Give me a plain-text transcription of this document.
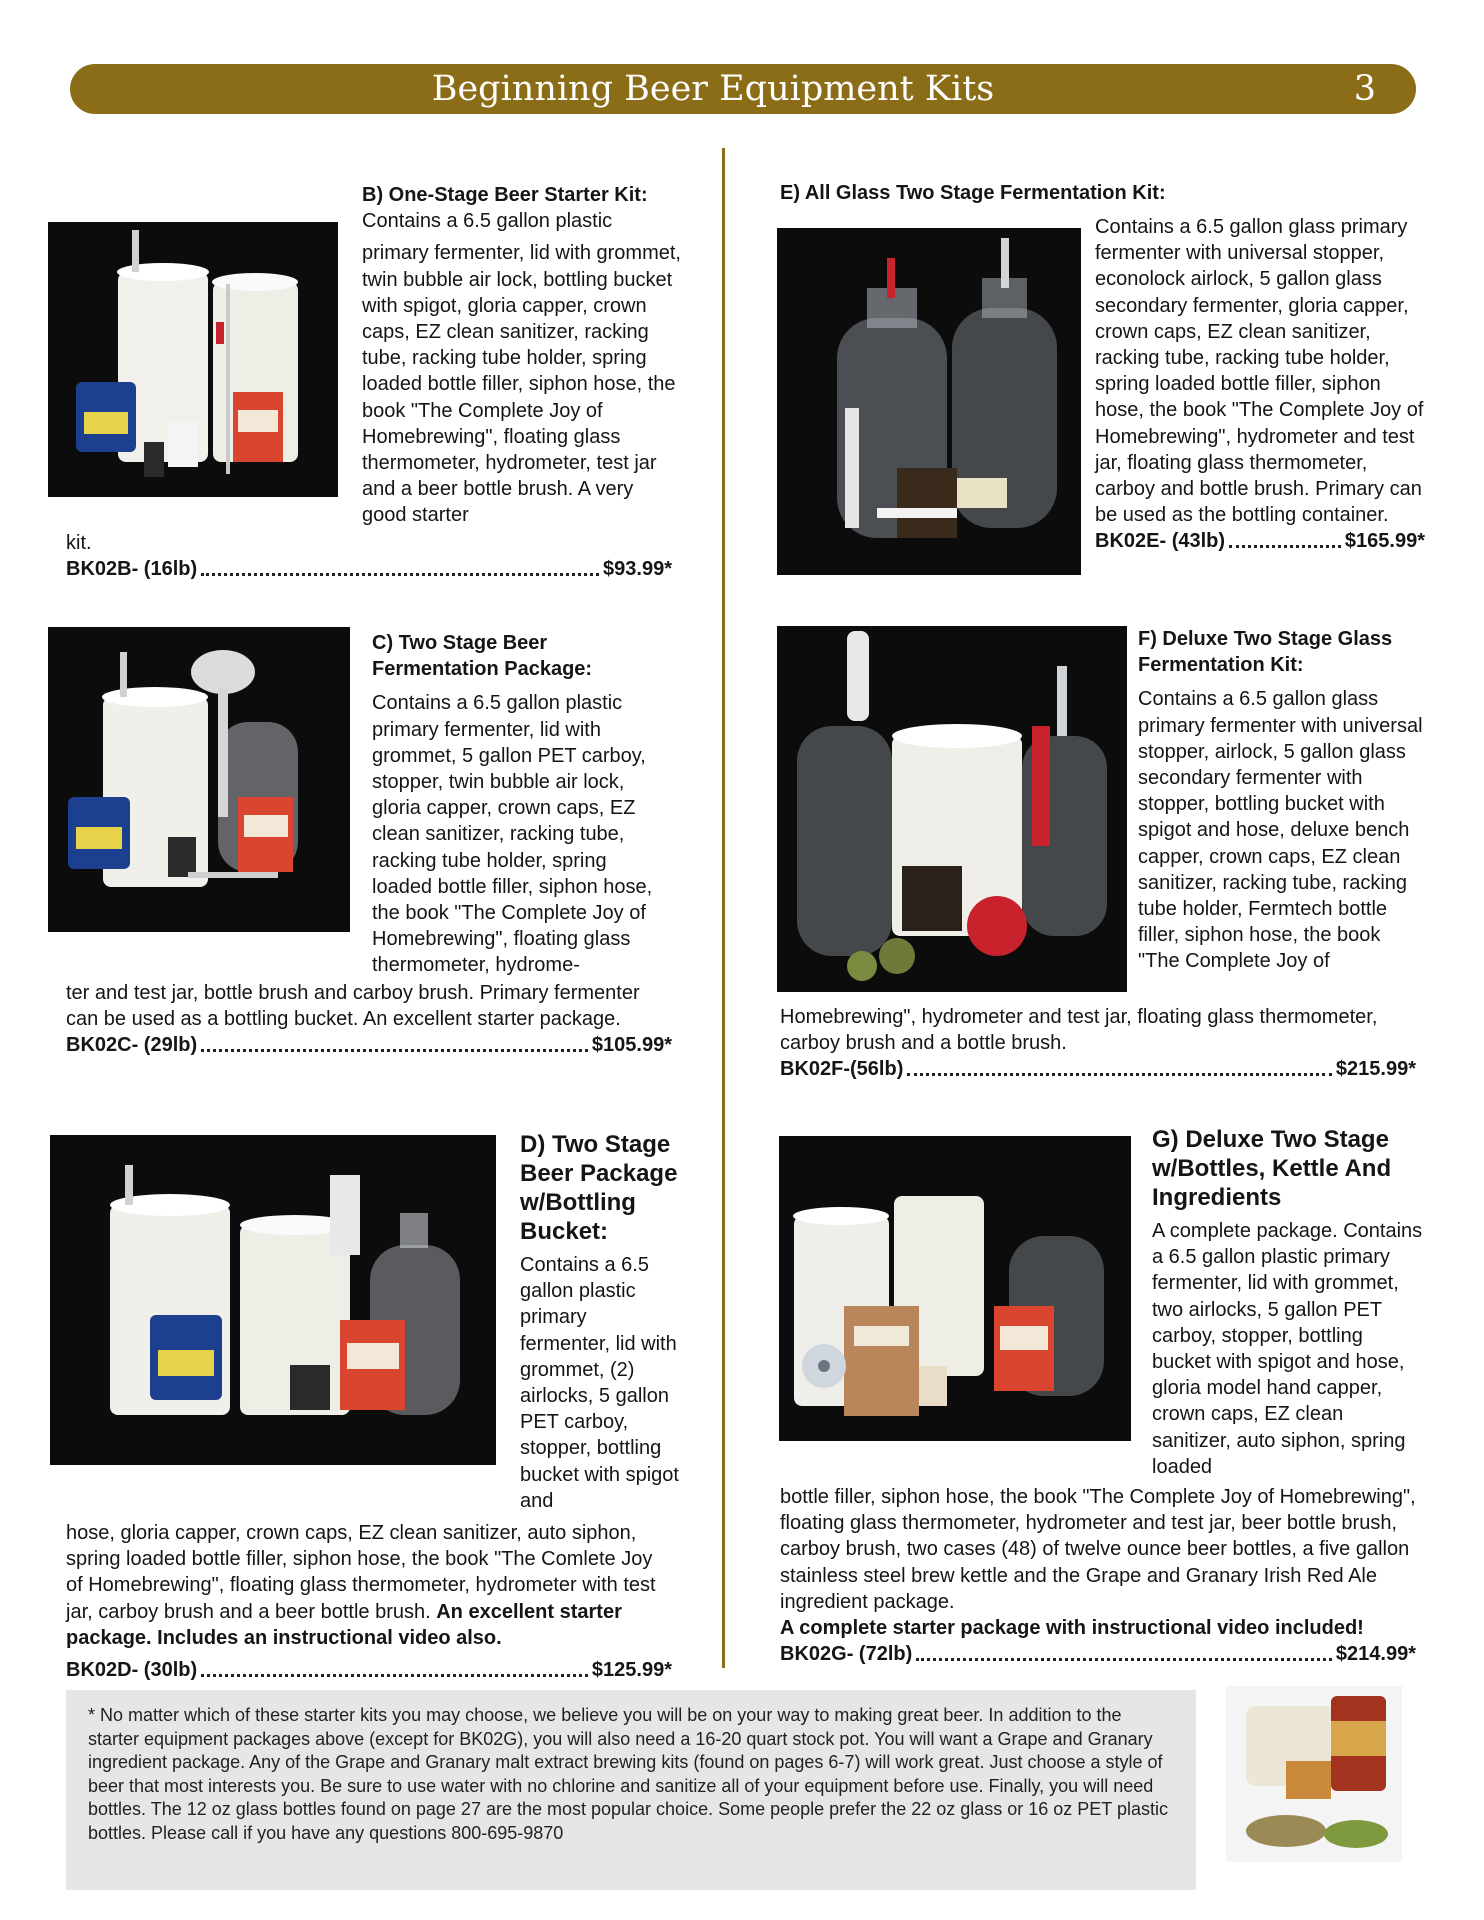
Beginning Beer Equipment Kits	3

B) One-Stage Beer Starter Kit:

Contains a 6.5 gallon plastic

primary fermenter, lid with grommet, twin bubble air lock, bottling bucket with spigot, gloria capper, crown caps, EZ clean sanitizer, racking tube, racking tube holder, spring loaded bottle filler, siphon hose, the book "The Complete Joy of Homebrewing", floating glass thermometer, hydrometer, test jar and a beer bottle brush. A very good starter

kit.

BK02B- (16lb)	$93.99*

C) Two Stage Beer Fermentation Package:

Contains a 6.5 gallon plastic primary fermenter, lid with grommet, 5 gallon PET carboy, stopper, twin bubble air lock, gloria capper, crown caps, EZ clean sanitizer, racking tube, racking tube holder, spring loaded bottle filler, siphon hose, the book "The Complete Joy of Homebrewing", floating glass thermometer, hydrome-

ter and test jar, bottle brush and carboy brush. Primary fermenter can be used as a bottling bucket. An excellent starter package.

BK02C- (29lb)	$105.99*

D) Two Stage Beer Package w/Bottling Bucket:

Contains a 6.5 gallon plastic primary fermenter, lid with grommet, (2) airlocks, 5 gallon PET carboy, stopper, bottling bucket with spigot and

hose, gloria capper, crown caps, EZ clean sanitizer, auto siphon, spring loaded bottle filler, siphon hose, the book "The Comlete Joy of Homebrewing", floating glass thermometer, hydrometer with test jar, carboy brush and a beer bottle brush. An excellent starter package. Includes an instructional video also.

BK02D- (30lb)	$125.99*

E) All Glass Two Stage Fermentation Kit:

Contains a 6.5 gallon glass primary fermenter with universal stopper, econolock airlock, 5 gallon glass secondary fermenter, gloria capper, crown caps, EZ clean sanitizer, racking tube, racking tube holder, spring loaded bottle filler, siphon hose, the book "The Complete Joy of Homebrewing", hydrometer and test jar, floating glass thermometer, carboy and bottle brush. Primary can be used as the bottling container.

BK02E- (43lb)	$165.99*

F) Deluxe Two Stage Glass Fermentation Kit:

Contains a 6.5 gallon glass primary fermenter with universal stopper, airlock, 5 gallon glass secondary fermenter with stopper, bottling bucket with spigot and hose, deluxe bench capper, crown caps, EZ clean sanitizer, racking tube, racking tube holder, Fermtech bottle filler, siphon hose, the book "The Complete Joy of

Homebrewing", hydrometer and test jar, floating glass thermometer, carboy brush and a bottle brush.

BK02F-(56lb)	$215.99*

G) Deluxe Two Stage w/Bottles, Kettle And Ingredients

A complete package. Contains a 6.5 gallon plastic primary fermenter, lid with grommet, two airlocks, 5 gallon PET carboy, stopper, bottling bucket with spigot and hose, gloria model hand capper, crown caps, EZ clean sanitizer, auto siphon, spring loaded

bottle filler, siphon hose, the book "The Complete Joy of Homebrewing", floating glass thermometer, hydrometer and test jar, beer bottle brush, carboy brush, two cases (48) of twelve ounce beer bottles, a five gallon stainless steel brew kettle and the Grape and Granary Irish Red Ale ingredient package.

A complete starter package with instructional video included!

BK02G- (72lb)	$214.99*
* No matter which of these starter kits you may choose, we believe you will be on your way to making great beer. In addition to the starter equipment packages above (except for BK02G), you will also need a 16-20 quart stock pot. You will want a Grape and Granary ingredient package. Any of the Grape and Granary malt extract brewing kits (found on pages 6-7) will work great. Just choose a style of beer that most interests you. Be sure to use water with no chlorine and sanitize all of your equipment before use. Finally, you will need bottles. The 12 oz glass bottles found on page 27 are the most popular choice. Some people prefer the 22 oz glass or 16 oz PET plastic bottles. Please call if you have any questions 800-695-9870
